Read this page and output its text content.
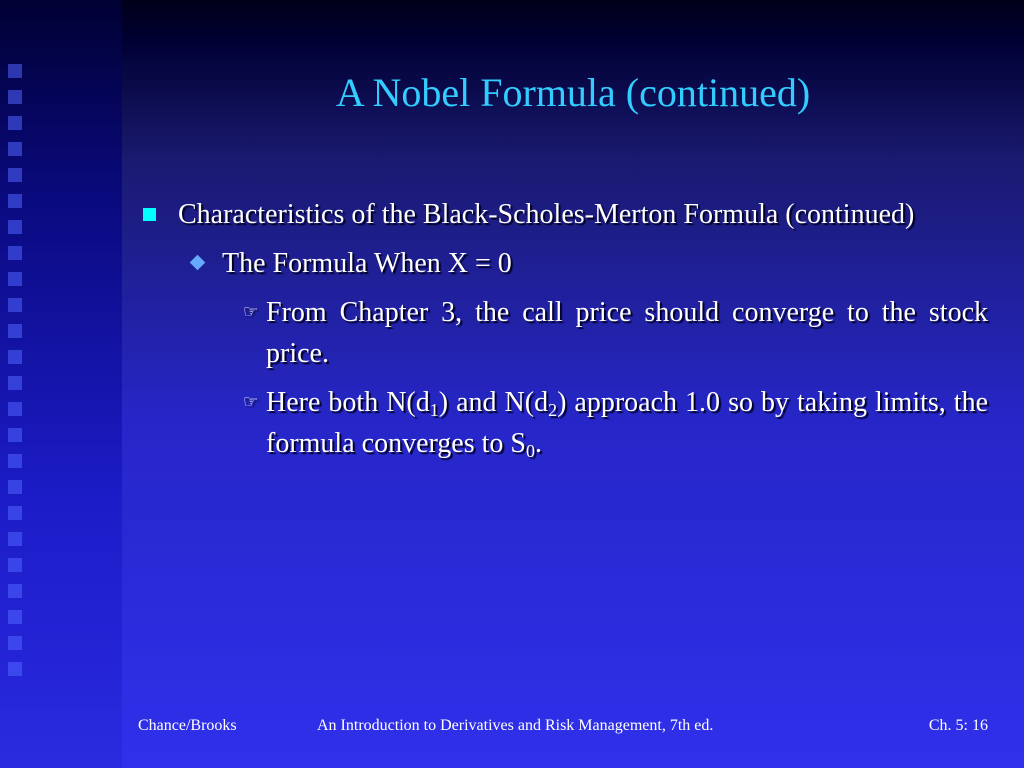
A Nobel Formula (continued)
Characteristics of the Black-Scholes-Merton Formula (continued)
The Formula When X = 0
☞ From Chapter 3, the call price should converge to the stock price.
☞ Here both $N(d_1)$ and $N(d_2)$ approach 1.0 so by taking limits, the formula converges to $S_0$.
Chance/Brooks	An Introduction to Derivatives and Risk Management, 7th ed.	Ch. 5: 16
